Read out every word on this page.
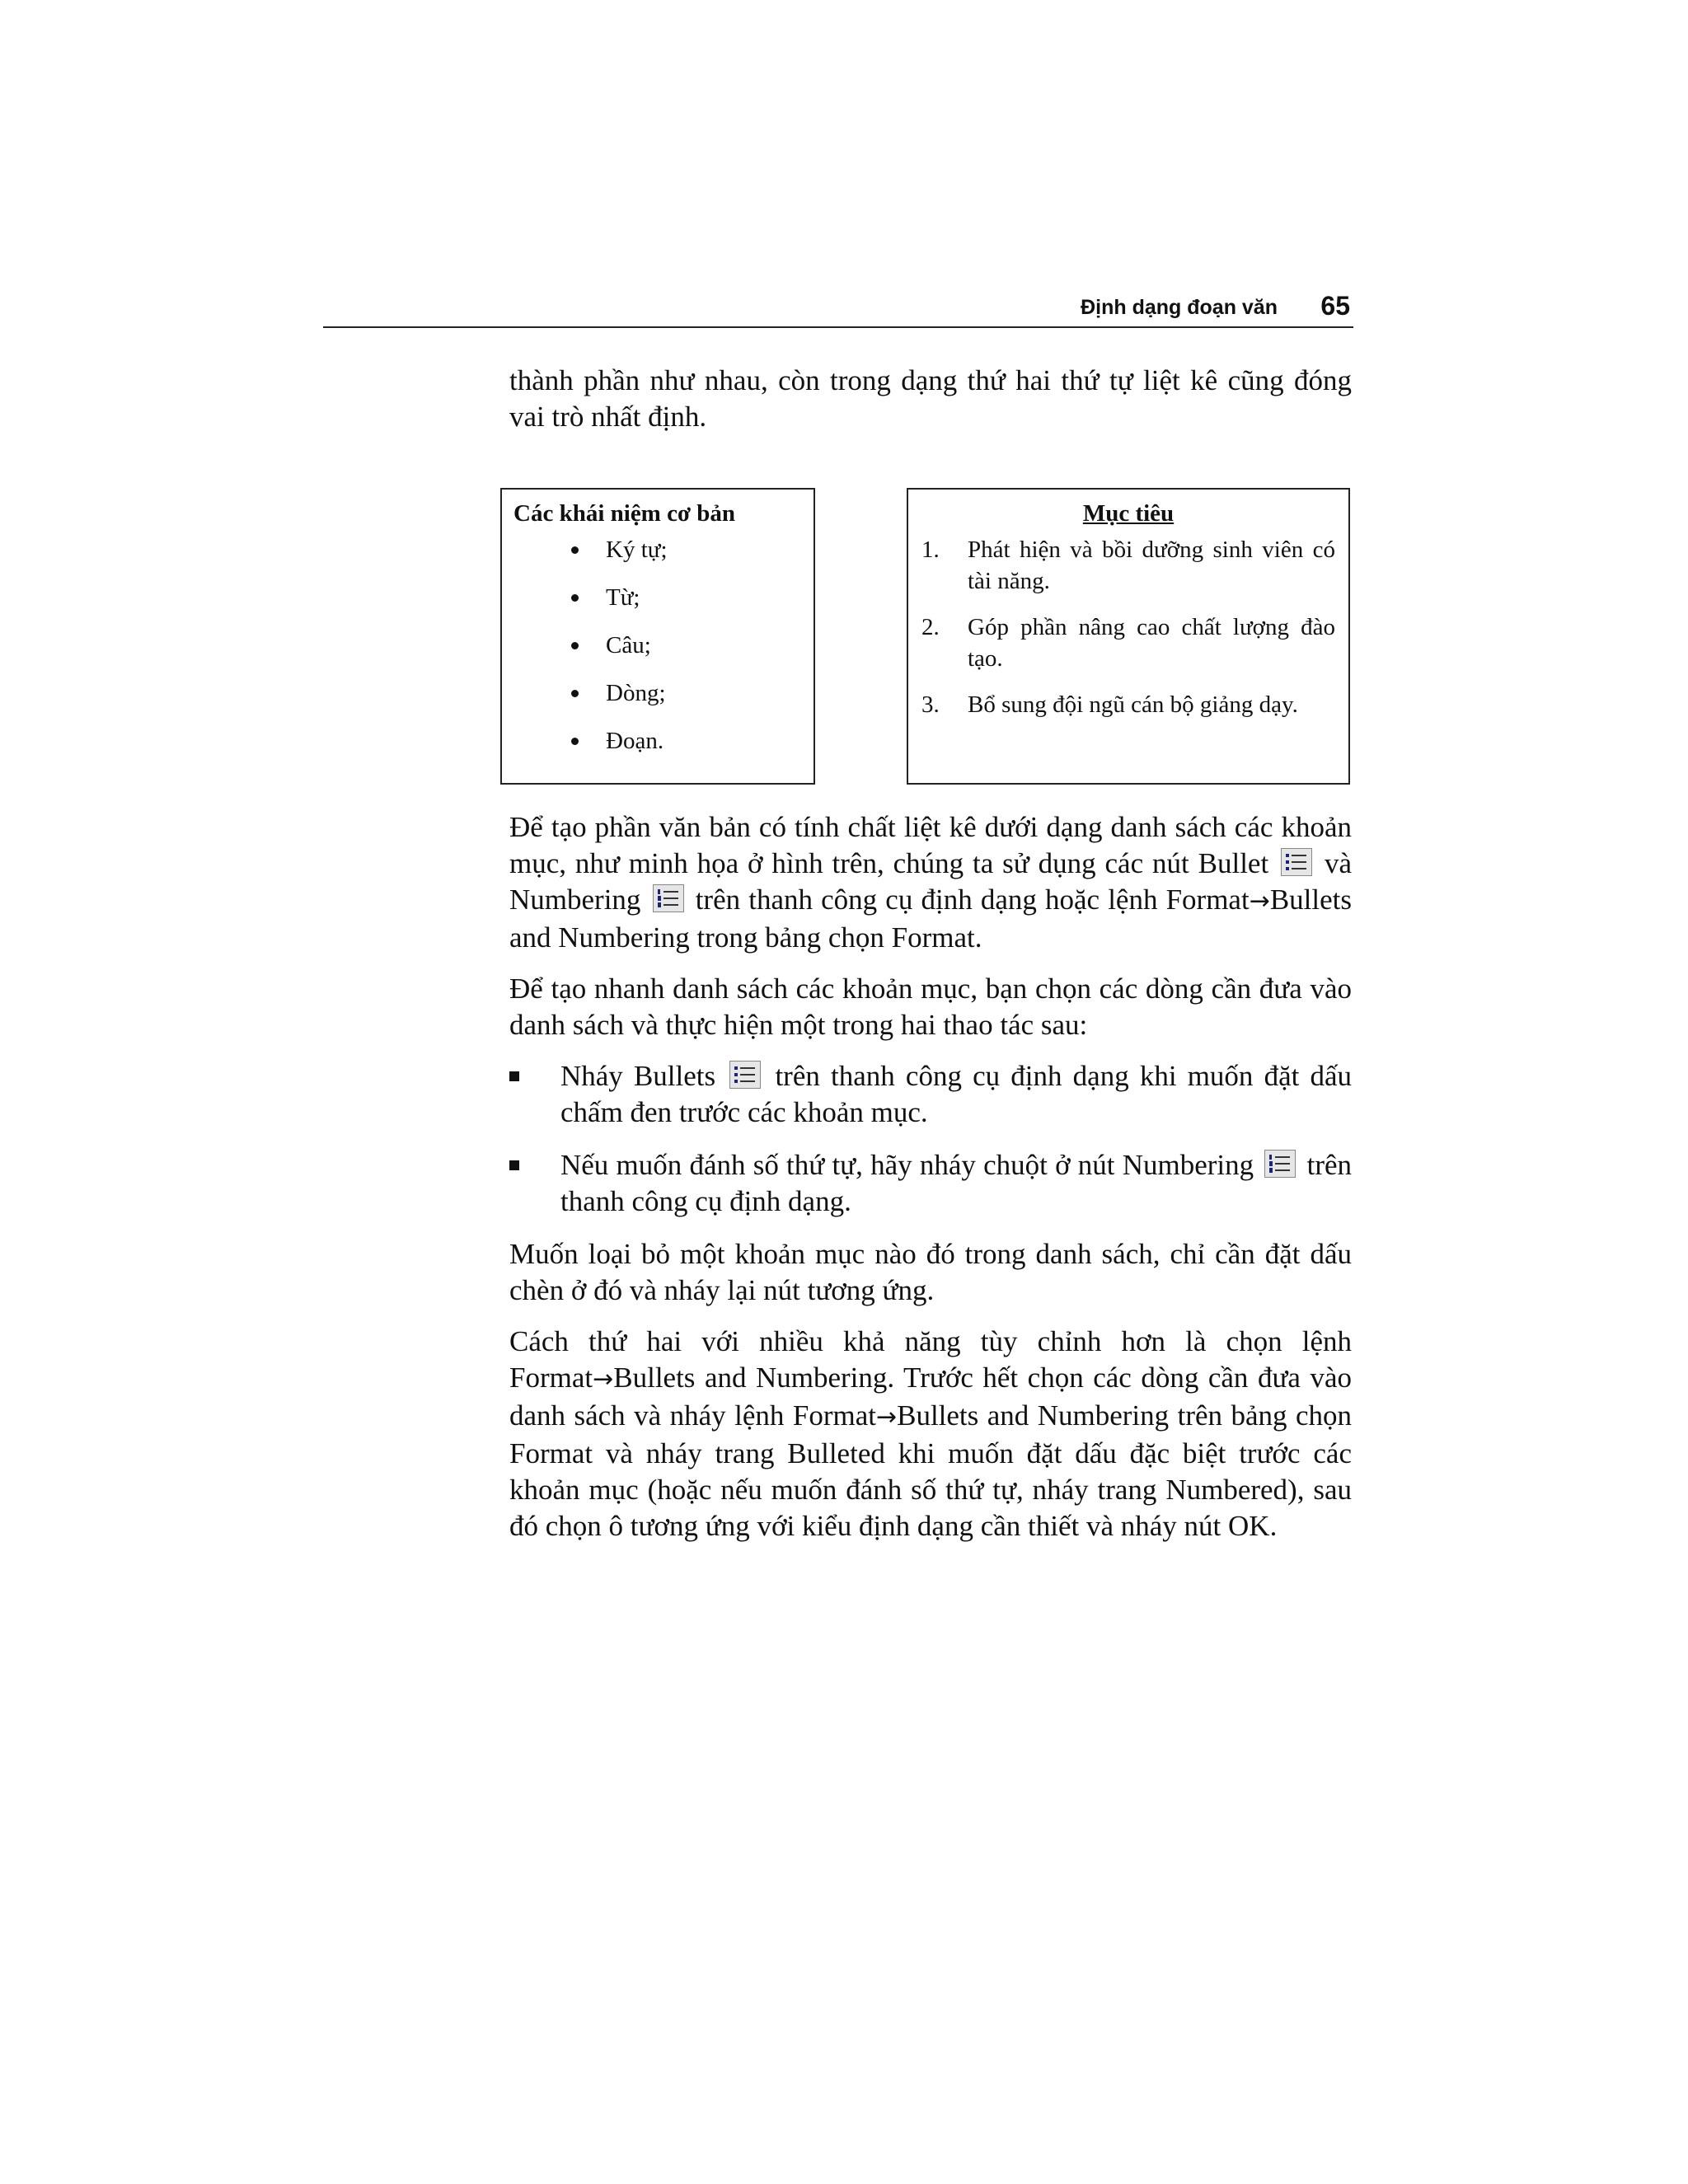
Định dạng đoạn văn 65

thành phần như nhau, còn trong dạng thứ hai thứ tự liệt kê cũng đóng vai trò nhất định.

Các khái niệm cơ bản
Ký tự;
Từ;
Câu;
Dòng;
Đoạn.
Mục tiêu
1. Phát hiện và bồi dưỡng sinh viên có tài năng.
2. Góp phần nâng cao chất lượng đào tạo.
3. Bổ sung đội ngũ cán bộ giảng dạy.

Để tạo phần văn bản có tính chất liệt kê dưới dạng danh sách các khoản mục, như minh họa ở hình trên, chúng ta sử dụng các nút Bullet và Numbering trên thanh công cụ định dạng hoặc lệnh Format→Bullets and Numbering trong bảng chọn Format.

Để tạo nhanh danh sách các khoản mục, bạn chọn các dòng cần đưa vào danh sách và thực hiện một trong hai thao tác sau:

Nháy Bullets trên thanh công cụ định dạng khi muốn đặt dấu chấm đen trước các khoản mục.
Nếu muốn đánh số thứ tự, hãy nháy chuột ở nút Numbering trên thanh công cụ định dạng.

Muốn loại bỏ một khoản mục nào đó trong danh sách, chỉ cần đặt dấu chèn ở đó và nháy lại nút tương ứng.

Cách thứ hai với nhiều khả năng tùy chỉnh hơn là chọn lệnh Format→Bullets and Numbering. Trước hết chọn các dòng cần đưa vào danh sách và nháy lệnh Format→Bullets and Numbering trên bảng chọn Format và nháy trang Bulleted khi muốn đặt dấu đặc biệt trước các khoản mục (hoặc nếu muốn đánh số thứ tự, nháy trang Numbered), sau đó chọn ô tương ứng với kiểu định dạng cần thiết và nháy nút OK.
